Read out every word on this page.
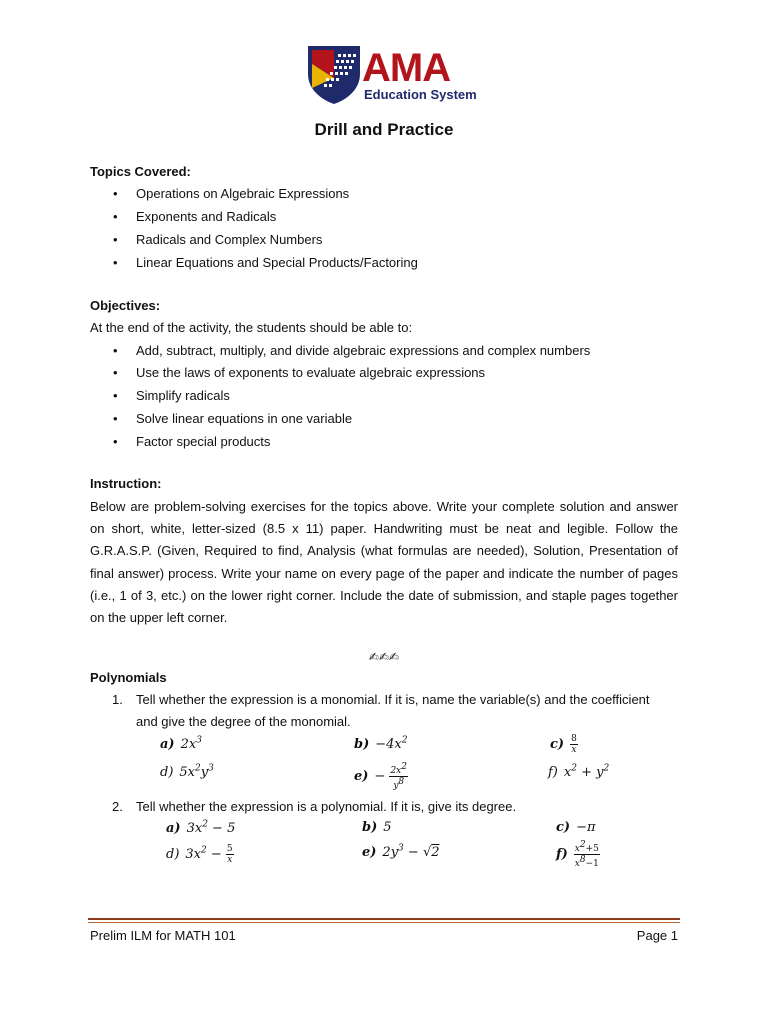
AMA
Education System
Drill and Practice
Topics Covered:
• Operations on Algebraic Expressions
• Exponents and Radicals
• Radicals and Complex Numbers
• Linear Equations and Special Products/Factoring
Objectives:
At the end of the activity, the students should be able to:
• Add, subtract, multiply, and divide algebraic expressions and complex numbers
• Use the laws of exponents to evaluate algebraic expressions
• Simplify radicals
• Solve linear equations in one variable
• Factor special products
Instruction:
Below are problem-solving exercises for the topics above. Write your complete solution and answer on short, white, letter-sized (8.5 x 11) paper. Handwriting must be neat and legible. Follow the G.R.A.S.P. (Given, Required to find, Analysis (what formulas are needed), Solution, Presentation of final answer) process. Write your name on every page of the paper and indicate the number of pages (i.e., 1 of 3, etc.) on the lower right corner. Include the date of submission, and staple pages together on the upper left corner.
✍✍✍
Polynomials
1. Tell whether the expression is a monomial. If it is, name the variable(s) and the coefficient
and give the degree of the monomial.
a) $2x^3$	$b) -4x^2$	$c) \frac{8}{x}$
d) $5x^2y^3$	$e) - \frac{2x^2}{y^8}$	f) $x^2 + y^2$
2. Tell whether the expression is a polynomial. If it is, give its degree.
a) $3x^2 - 5$	b) 5	c) −π
d) $3x^2 - \frac{5}{x}$	e) $2y^3 - √2$	$f) \frac{x^2+5}{x^8-1}$
Prelim ILM for MATH 101	Page 1
